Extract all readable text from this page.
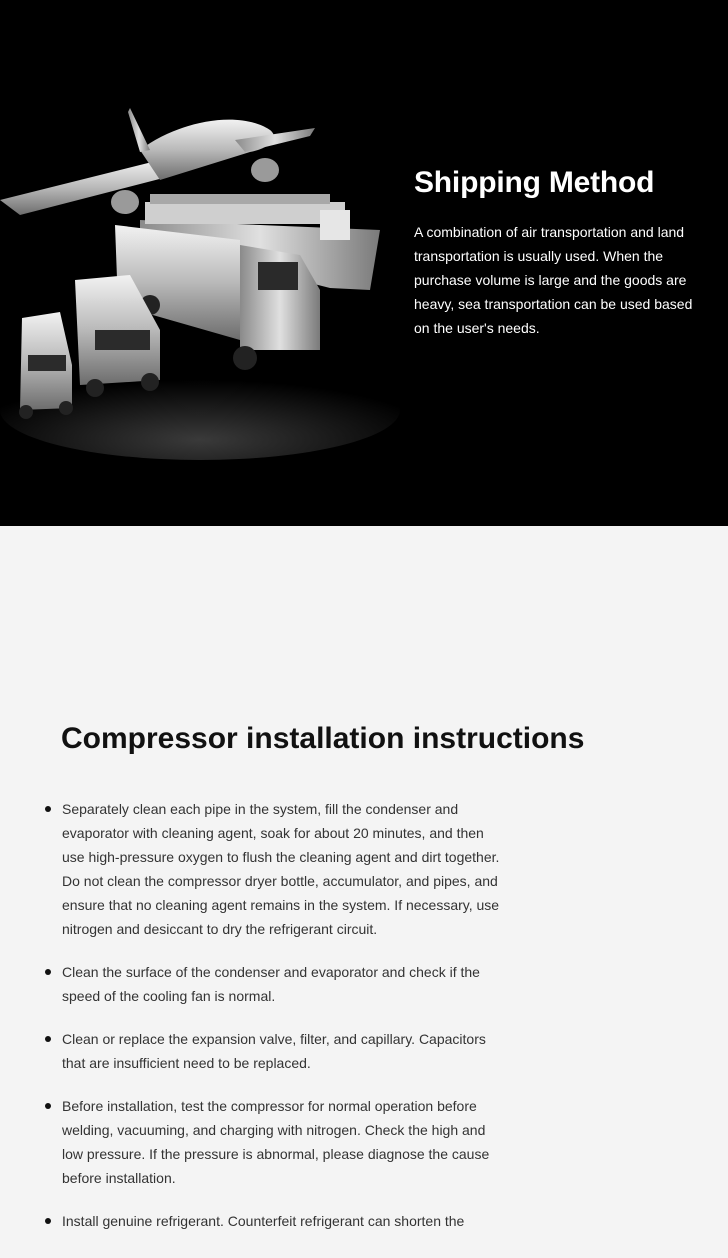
Shipping Method

A combination of air transportation and land transportation is usually used. When the purchase volume is large and the goods are heavy, sea transportation can be used based on the user's needs.

Compressor installation instructions
Separately clean each pipe in the system, fill the condenser and evaporator with cleaning agent, soak for about 20 minutes, and then use high-pressure oxygen to flush the cleaning agent and dirt together. Do not clean the compressor dryer bottle, accumulator, and pipes, and ensure that no cleaning agent remains in the system. If necessary, use nitrogen and desiccant to dry the refrigerant circuit.
Clean the surface of the condenser and evaporator and check if the speed of the cooling fan is normal.
Clean or replace the expansion valve, filter, and capillary. Capacitors that are insufficient need to be replaced.
Before installation, test the compressor for normal operation before welding, vacuuming, and charging with nitrogen. Check the high and low pressure. If the pressure is abnormal, please diagnose the cause before installation.
Install genuine refrigerant. Counterfeit refrigerant can shorten the
